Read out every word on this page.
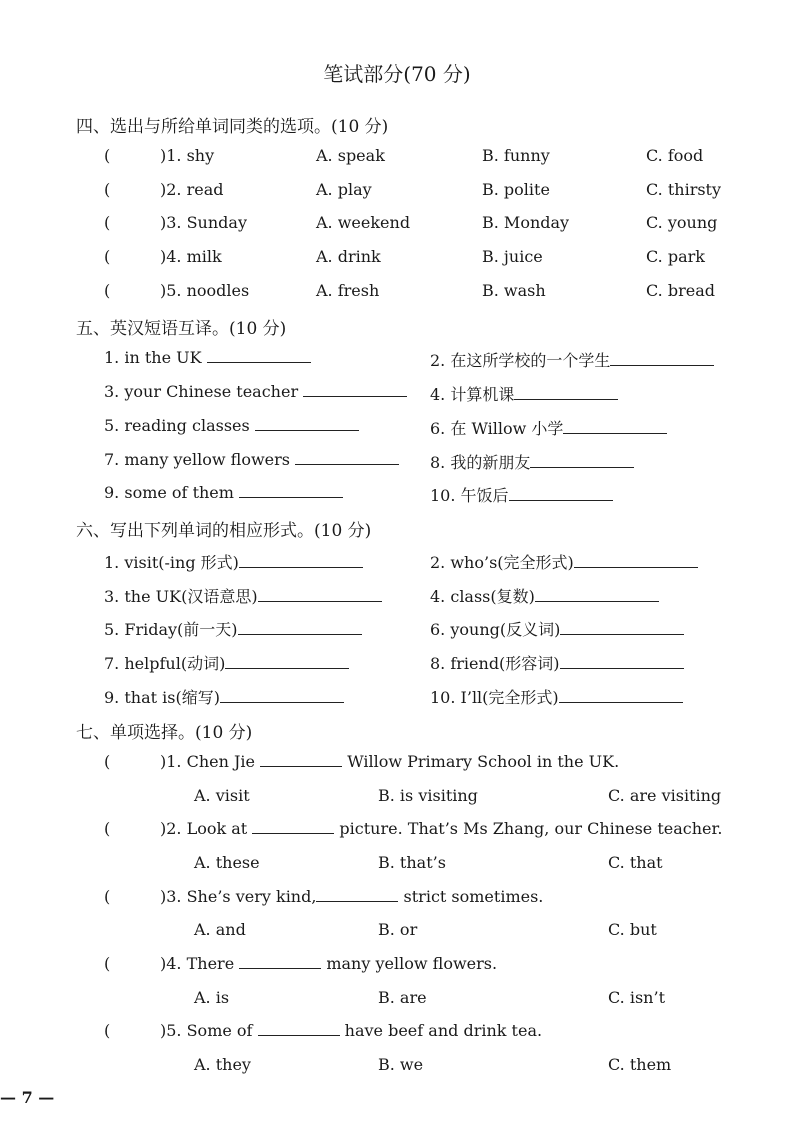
笔试部分(70 分)
四、选出与所给单词同类的选项。(10 分)
(	)1. shy	A. speak	B. funny	C. food
(	)2. read	A. play	B. polite	C. thirsty
(	)3. Sunday	A. weekend	B. Monday	C. young
(	)4. milk	A. drink	B. juice	C. park
(	)5. noodles	A. fresh	B. wash	C. bread
五、英汉短语互译。(10 分)
1. in the UK	2. 在这所学校的一个学生
3. your Chinese teacher	4. 计算机课
5. reading classes	6. 在 Willow 小学
7. many yellow flowers	8. 我的新朋友
9. some of them	10. 午饭后
六、写出下列单词的相应形式。(10 分)
1. visit(-ing 形式)	2. who’s(完全形式)
3. the UK(汉语意思)	4. class(复数)
5. Friday(前一天)	6. young(反义词)
7. helpful(动词)	8. friend(形容词)
9. that is(缩写)	10. I’ll(完全形式)
七、单项选择。(10 分)
(	)1. Chen Jie	Willow Primary School in the UK.
A. visit	B. is visiting	C. are visiting
(	)2. Look at	picture. That’s Ms Zhang, our Chinese teacher.
A. these	B. that’s	C. that
(	)3. She’s very kind,	strict sometimes.
A. and	B. or	C. but
(	)4. There	many yellow flowers.
A. is	B. are	C. isn’t
(	)5. Some of	have beef and drink tea.
A. they	B. we	C. them
— 7 —
